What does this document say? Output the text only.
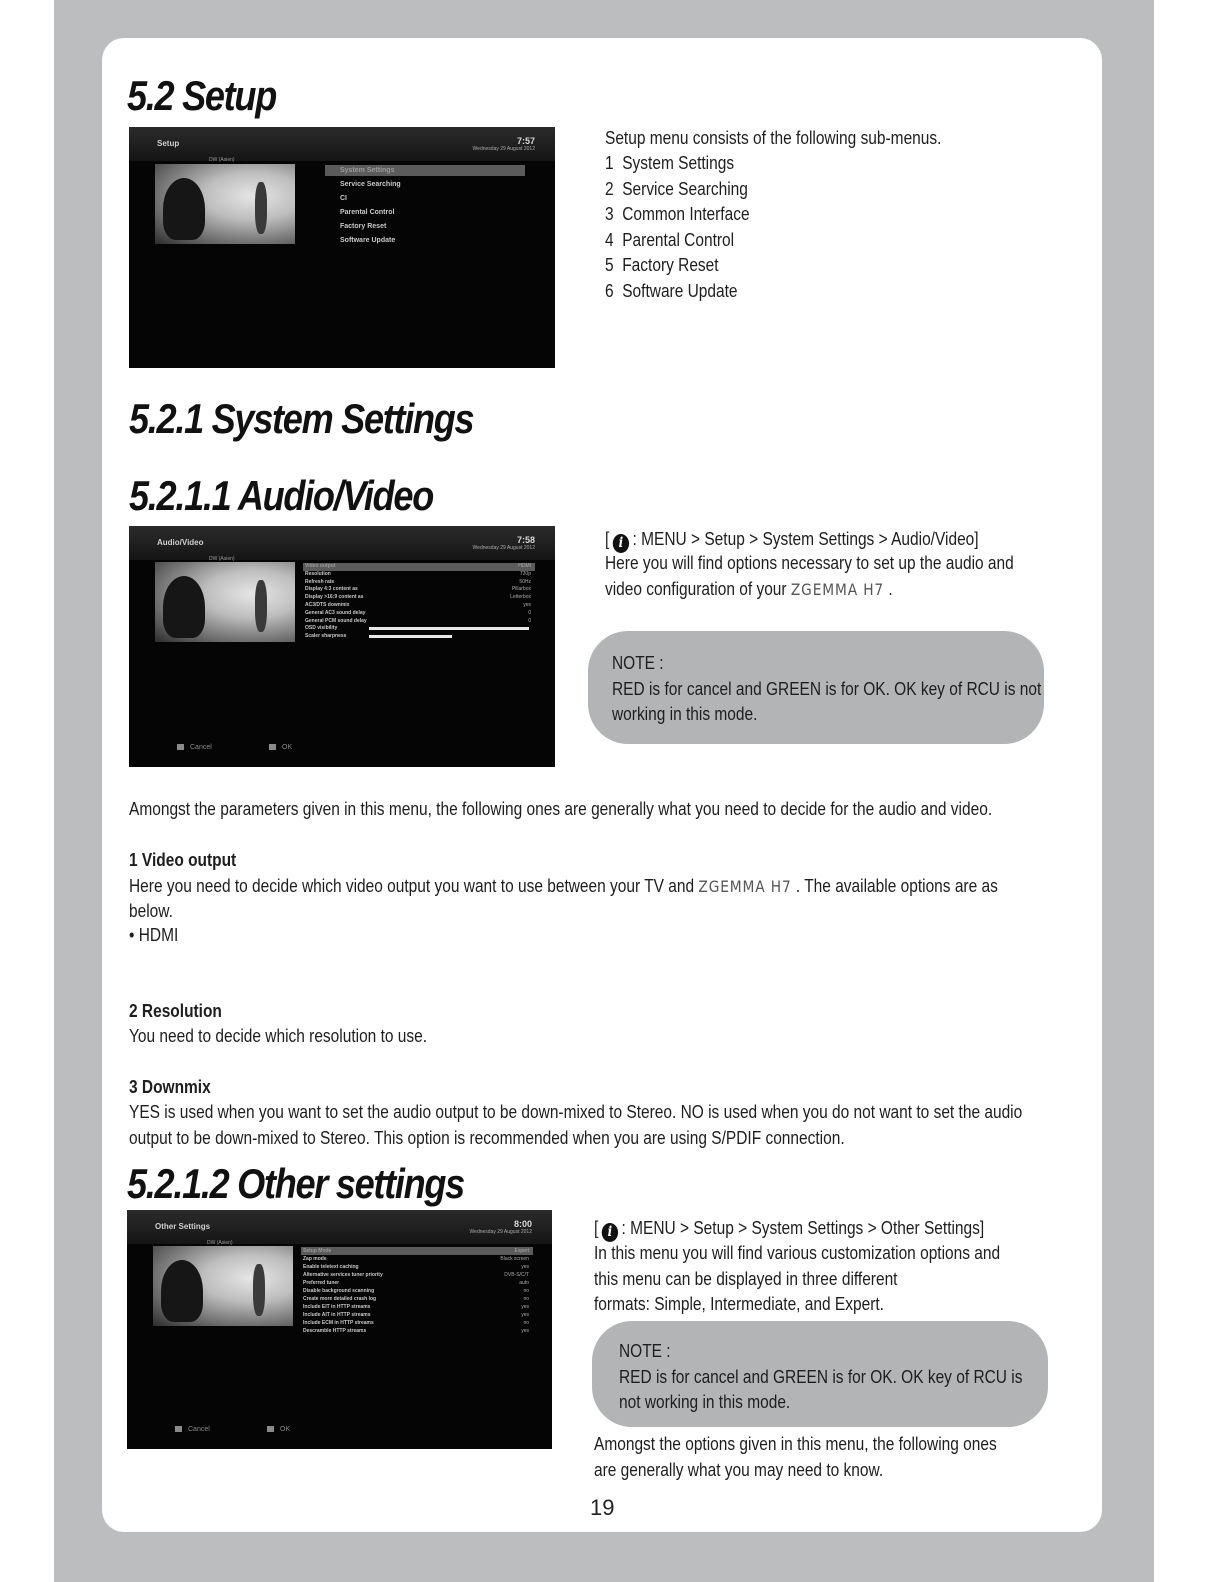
5.2 Setup
Setup	7:57
Wednesday 29 August 2012
DW (Asien)
System Settings
Service Searching
CI
Parental Control
Factory Reset
Software Update
Setup menu consists of the following sub-menus.
1 System Settings
2 Service Searching
3 Common Interface
4 Parental Control
5 Factory Reset
6 Software Update
5.2.1 System Settings
5.2.1.1 Audio/Video
Audio/Video	7:58
Wednesday 29 August 2012
DW (Asien)
Video output	HDMI
Resolution	720p
Refresh rate	50Hz
Display 4:3 content as	Pillarbox
Display >16:9 content as	Letterbox
AC3/DTS downmix	yes
General AC3 sound delay	0
General PCM sound delay	0
OSD visibility
Scaler sharpness
Cancel	OK
[ i : MENU > Setup > System Settings > Audio/Video]
Here you will find options necessary to set up the audio and
video configuration of your ZGEMMA H7 .
NOTE :
RED is for cancel and GREEN is for OK. OK key of RCU is not
working in this mode.
Amongst the parameters given in this menu, the following ones are generally what you need to decide for the audio and video.
1 Video output
Here you need to decide which video output you want to use between your TV and ZGEMMA H7 . The available options are as
below.
• HDMI
2 Resolution
You need to decide which resolution to use.
3 Downmix
YES is used when you want to set the audio output to be down-mixed to Stereo. NO is used when you do not want to set the audio
output to be down-mixed to Stereo. This option is recommended when you are using S/PDIF connection.
5.2.1.2 Other settings
Other Settings	8:00
Wednesday 29 August 2012
DW (Asien)
Setup Mode	Expert
Zap mode	Black screen
Enable teletext caching	yes
Alternative services tuner priority	DVB-S/C/T
Preferred tuner	auto
Disable background scanning	no
Create more detailed crash log	no
Include EIT in HTTP streams	yes
Include AIT in HTTP streams	yes
Include ECM in HTTP streams	no
Descramble HTTP streams	yes
Cancel	OK
[ i : MENU > Setup > System Settings > Other Settings]
In this menu you will find various customization options and
this menu can be displayed in three different
formats: Simple, Intermediate, and Expert.
NOTE :
RED is for cancel and GREEN is for OK. OK key of RCU is
not working in this mode.
Amongst the options given in this menu, the following ones
are generally what you may need to know.
19
